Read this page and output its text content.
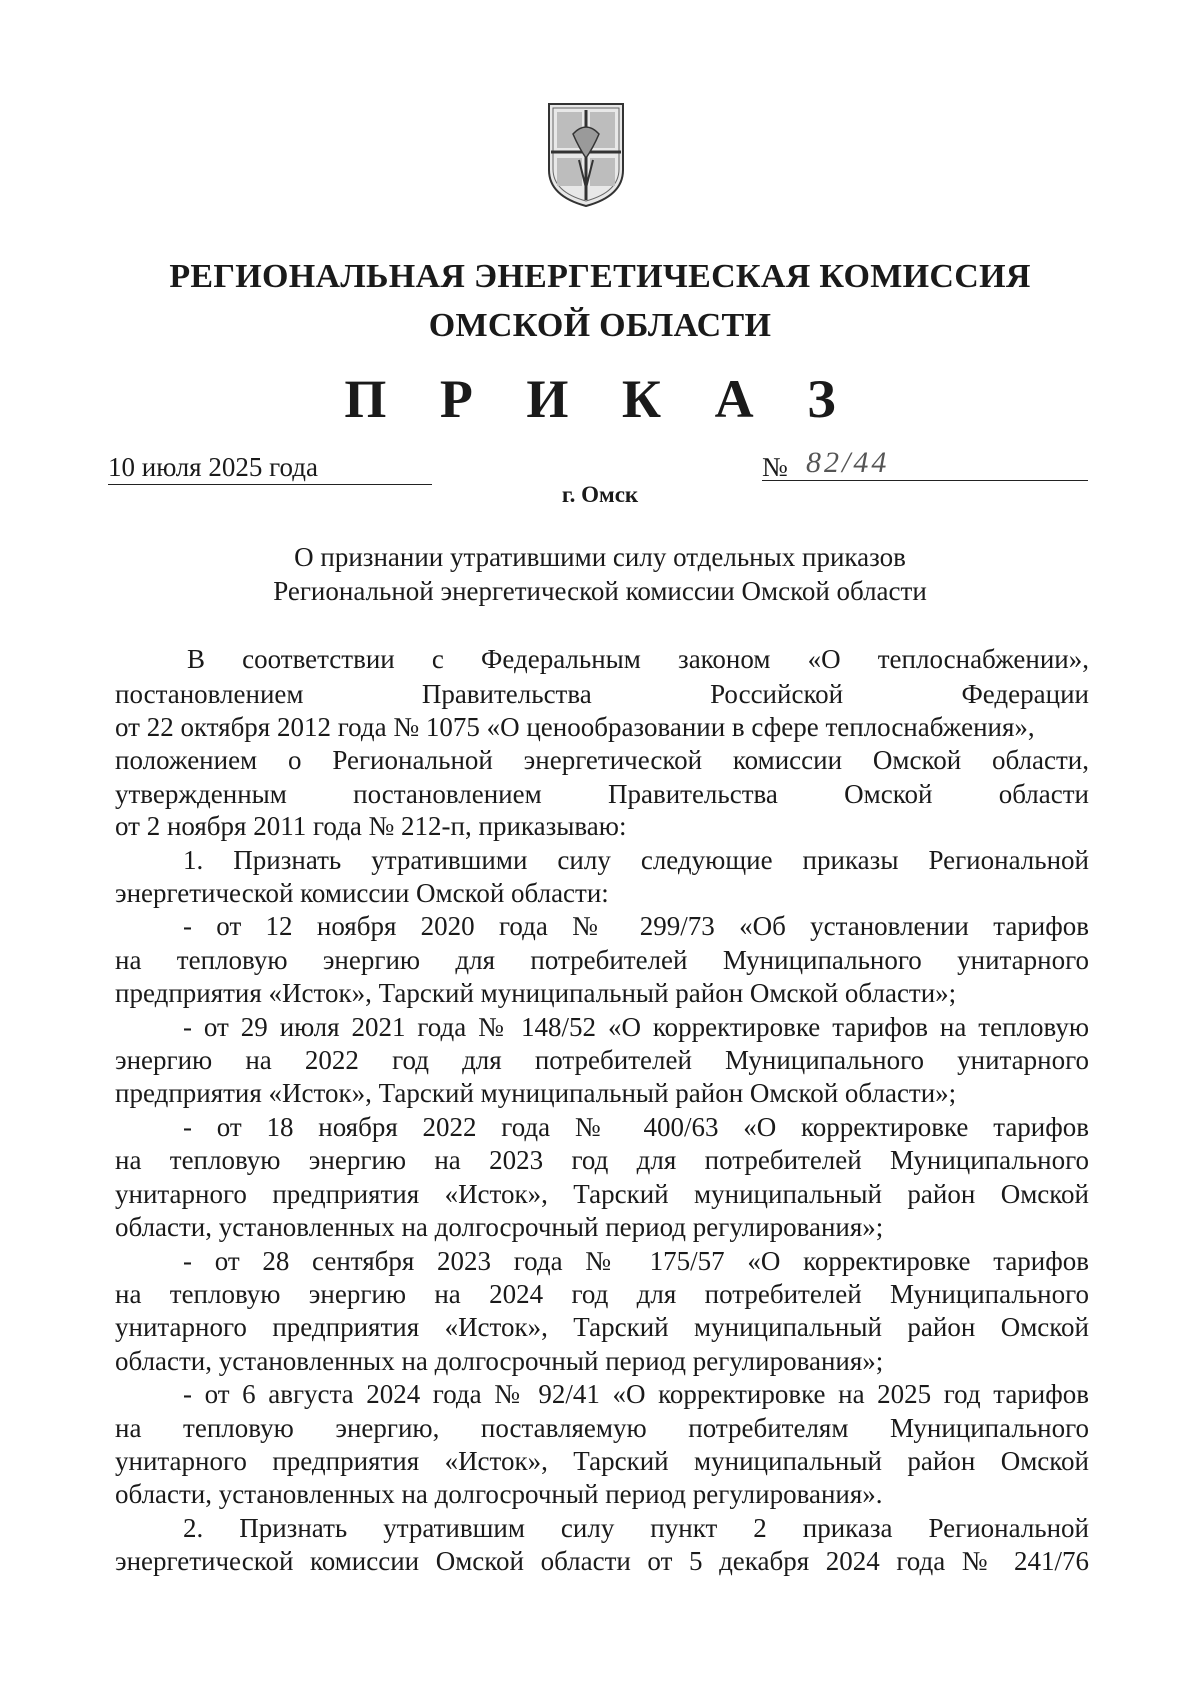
РЕГИОНАЛЬНАЯ ЭНЕРГЕТИЧЕСКАЯ КОМИССИЯ
ОМСКОЙ ОБЛАСТИ
П Р И К А З
10 июля 2025 года	№ 82/44
г. Омск
О признании утратившими силу отдельных приказов
Региональной энергетической комиссии Омской области
В соответствии с Федеральным законом «О теплоснабжении»,
постановлением Правительства Российской Федерации
от 22 октября 2012 года № 1075 «О ценообразовании в сфере теплоснабжения»,
положением о Региональной энергетической комиссии Омской области,
утвержденным постановлением Правительства Омской области
от 2 ноября 2011 года № 212-п, приказываю:
1. Признать утратившими силу следующие приказы Региональной
энергетической комиссии Омской области:
- от 12 ноября 2020 года № 299/73 «Об установлении тарифов
на тепловую энергию для потребителей Муниципального унитарного
предприятия «Исток», Тарский муниципальный район Омской области»;
- от 29 июля 2021 года № 148/52 «О корректировке тарифов на тепловую
энергию на 2022 год для потребителей Муниципального унитарного
предприятия «Исток», Тарский муниципальный район Омской области»;
- от 18 ноября 2022 года № 400/63 «О корректировке тарифов
на тепловую энергию на 2023 год для потребителей Муниципального
унитарного предприятия «Исток», Тарский муниципальный район Омской
области, установленных на долгосрочный период регулирования»;
- от 28 сентября 2023 года № 175/57 «О корректировке тарифов
на тепловую энергию на 2024 год для потребителей Муниципального
унитарного предприятия «Исток», Тарский муниципальный район Омской
области, установленных на долгосрочный период регулирования»;
- от 6 августа 2024 года № 92/41 «О корректировке на 2025 год тарифов
на тепловую энергию, поставляемую потребителям Муниципального
унитарного предприятия «Исток», Тарский муниципальный район Омской
области, установленных на долгосрочный период регулирования».
2. Признать утратившим силу пункт 2 приказа Региональной
энергетической комиссии Омской области от 5 декабря 2024 года № 241/76
